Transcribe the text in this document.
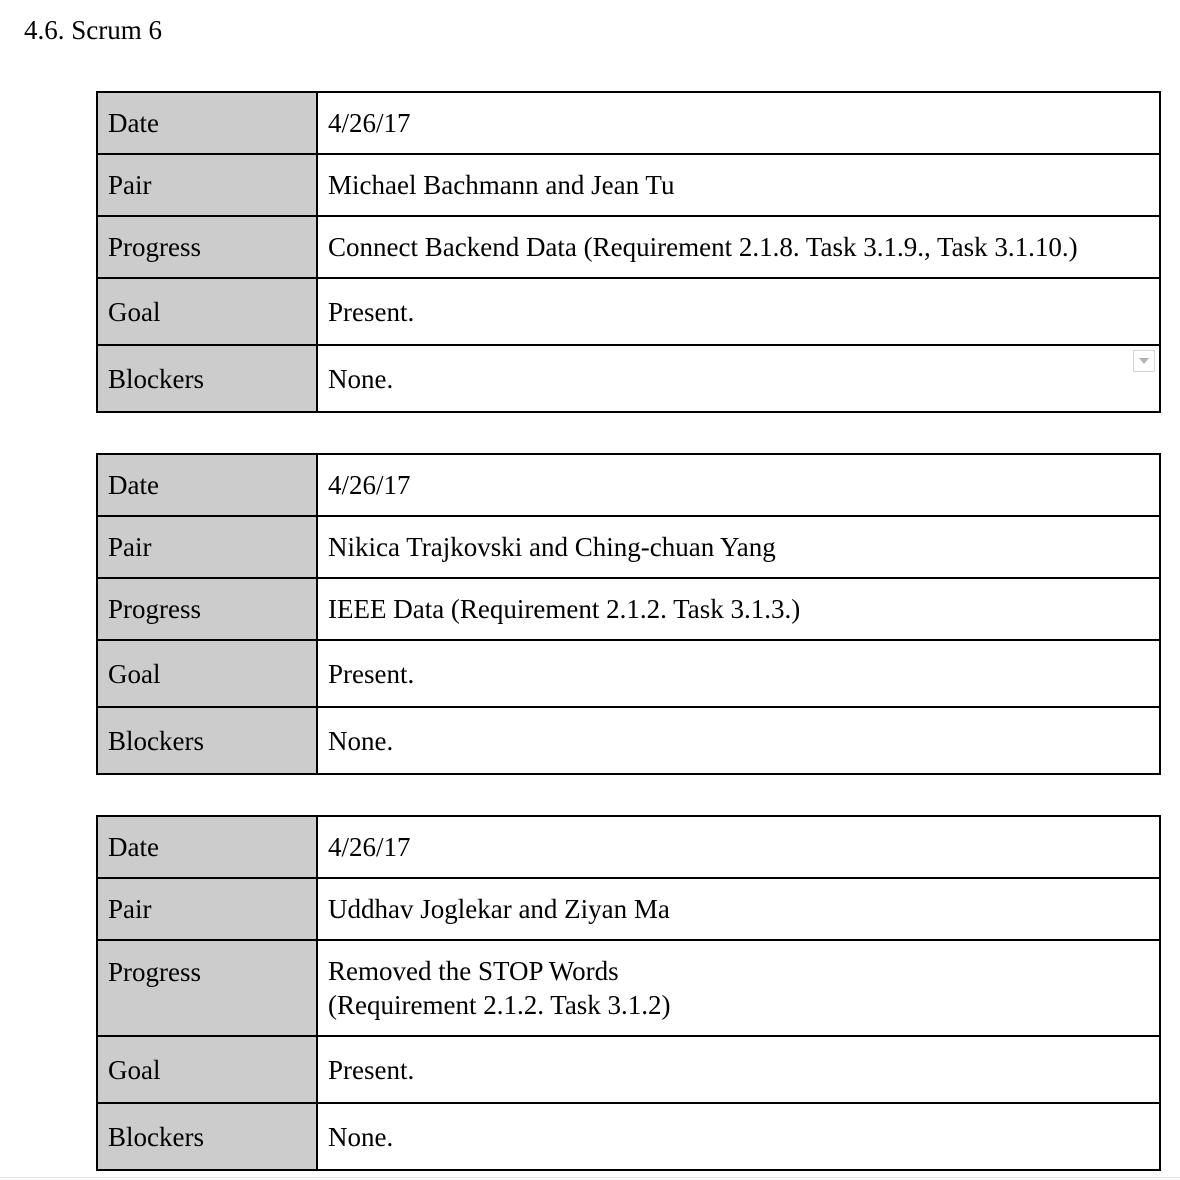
4.6. Scrum 6
Date	4/26/17
Pair	Michael Bachmann and Jean Tu
Progress	Connect Backend Data (Requirement 2.1.8. Task 3.1.9., Task 3.1.10.)

Goal	Present.
Blockers	None.
Date	4/26/17
Pair	Nikica Trajkovski and Ching-chuan Yang
Progress	IEEE Data (Requirement 2.1.2. Task 3.1.3.)

Goal	Present.
Blockers	None.
Date	4/26/17
Pair	Uddhav Joglekar and Ziyan Ma
Progress	Removed the STOP Words
(Requirement 2.1.2. Task 3.1.2)

Goal	Present.
Blockers	None.
